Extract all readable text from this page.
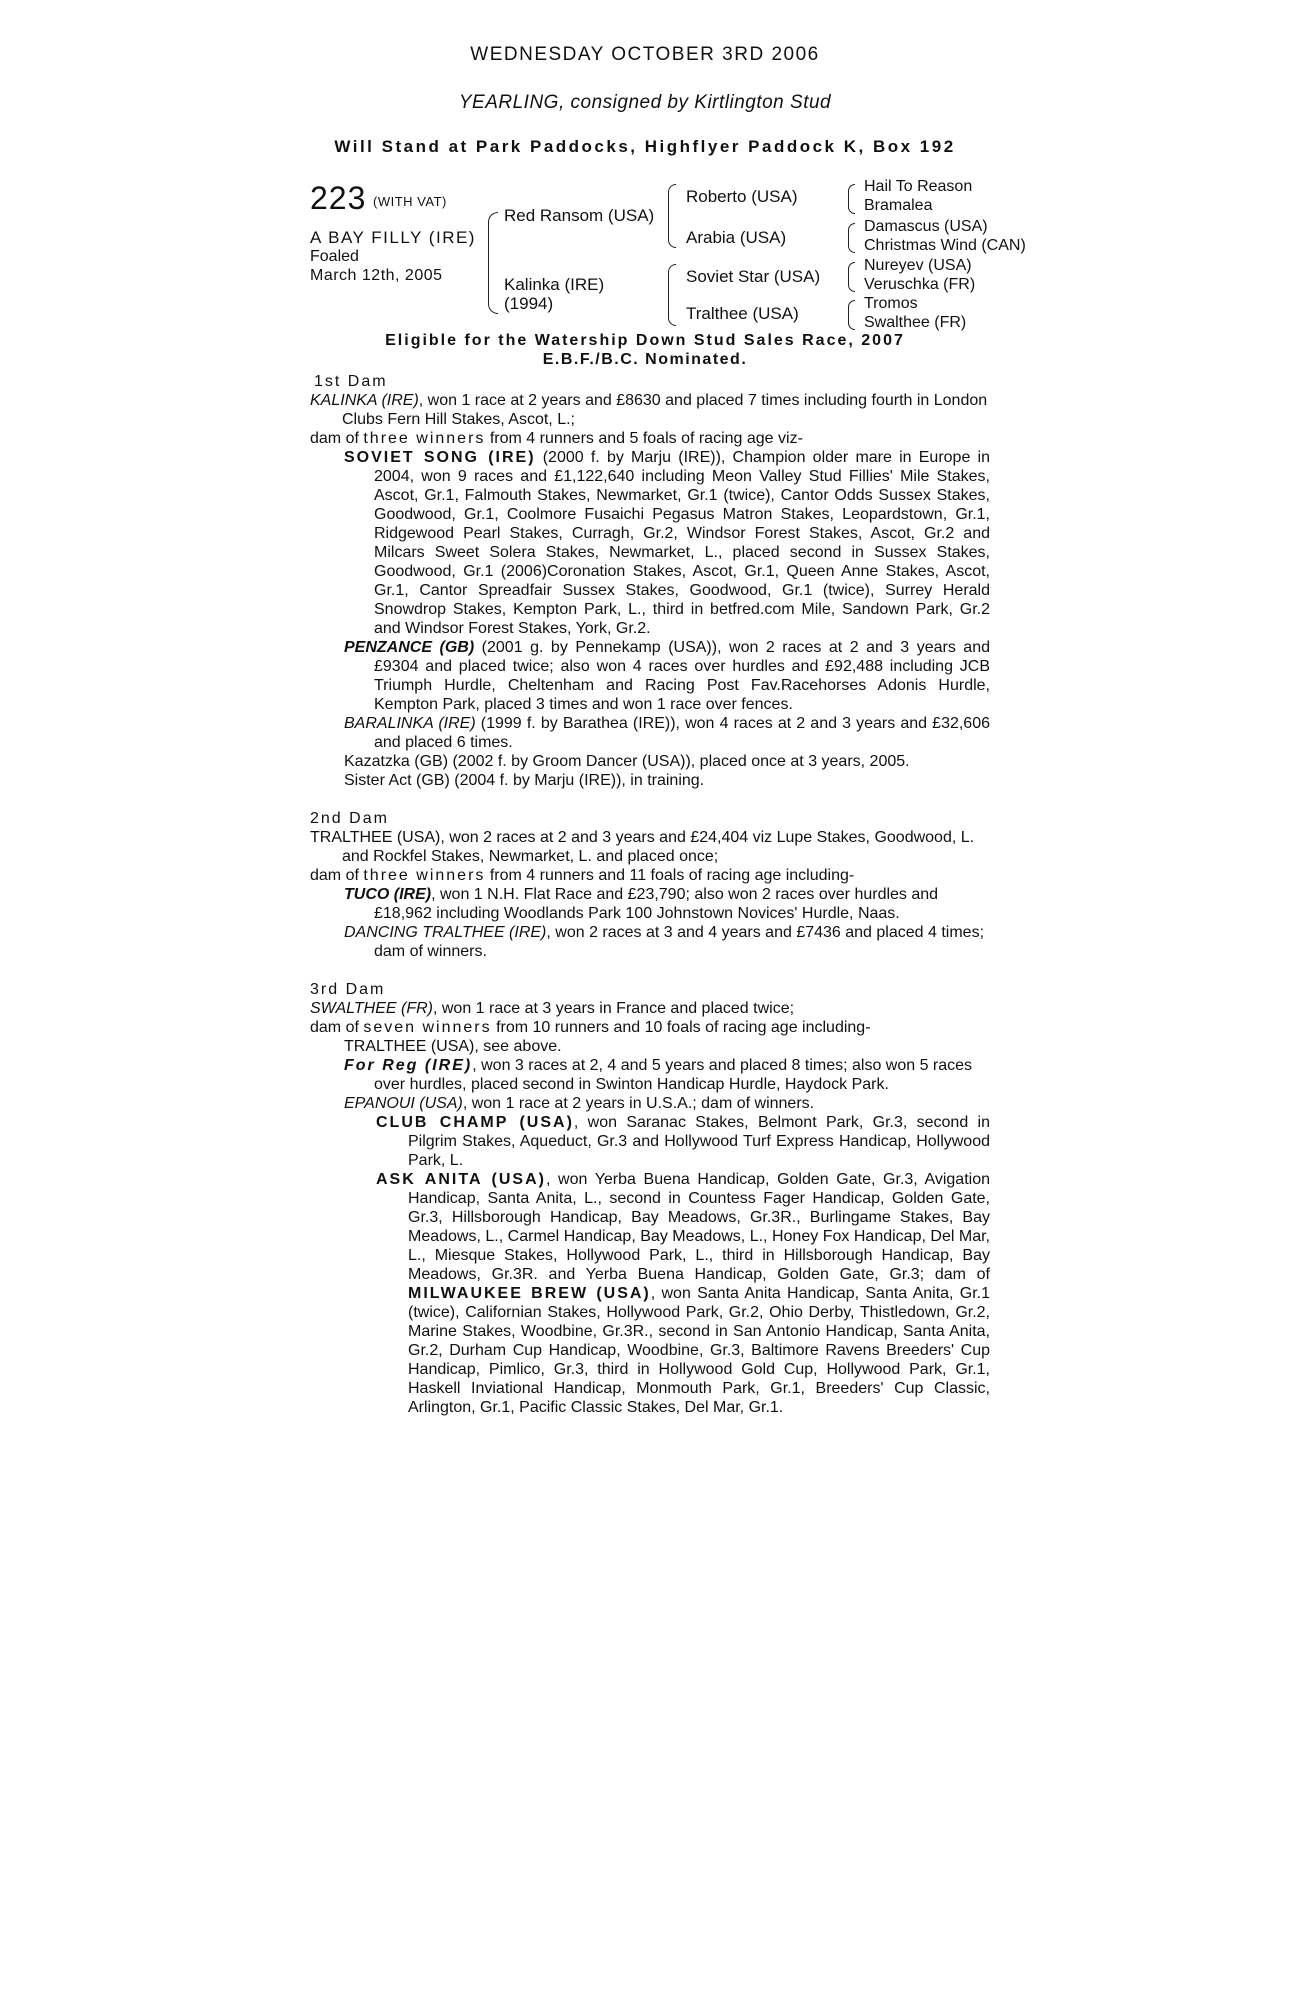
WEDNESDAY OCTOBER 3RD 2006
YEARLING, consigned by Kirtlington Stud
Will Stand at Park Paddocks, Highflyer Paddock K, Box 192
223 (WITH VAT)
A BAY FILLY (IRE)
Foaled
March 12th, 2005
Red Ransom (USA)
Kalinka (IRE)
(1994)
Roberto (USA)
Arabia (USA)
Soviet Star (USA)
Tralthee (USA)
Hail To Reason
Bramalea
Damascus (USA)
Christmas Wind (CAN)
Nureyev (USA)
Veruschka (FR)
Tromos
Swalthee (FR)
Eligible for the Watership Down Stud Sales Race, 2007
E.B.F./B.C. Nominated.
1st Dam

KALINKA (IRE), won 1 race at 2 years and £8630 and placed 7 times including fourth in London Clubs Fern Hill Stakes, Ascot, L.;

dam of three winners from 4 runners and 5 foals of racing age viz-

SOVIET SONG (IRE) (2000 f. by Marju (IRE)), Champion older mare in Europe in 2004, won 9 races and £1,122,640 including Meon Valley Stud Fillies' Mile Stakes, Ascot, Gr.1, Falmouth Stakes, Newmarket, Gr.1 (twice), Cantor Odds Sussex Stakes, Goodwood, Gr.1, Coolmore Fusaichi Pegasus Matron Stakes, Leopardstown, Gr.1, Ridgewood Pearl Stakes, Curragh, Gr.2, Windsor Forest Stakes, Ascot, Gr.2 and Milcars Sweet Solera Stakes, Newmarket, L., placed second in Sussex Stakes, Goodwood, Gr.1 (2006)Coronation Stakes, Ascot, Gr.1, Queen Anne Stakes, Ascot, Gr.1, Cantor Spreadfair Sussex Stakes, Goodwood, Gr.1 (twice), Surrey Herald Snowdrop Stakes, Kempton Park, L., third in betfred.com Mile, Sandown Park, Gr.2 and Windsor Forest Stakes, York, Gr.2.

PENZANCE (GB) (2001 g. by Pennekamp (USA)), won 2 races at 2 and 3 years and £9304 and placed twice; also won 4 races over hurdles and £92,488 including JCB Triumph Hurdle, Cheltenham and Racing Post Fav.Racehorses Adonis Hurdle, Kempton Park, placed 3 times and won 1 race over fences.

BARALINKA (IRE) (1999 f. by Barathea (IRE)), won 4 races at 2 and 3 years and £32,606 and placed 6 times.

Kazatzka (GB) (2002 f. by Groom Dancer (USA)), placed once at 3 years, 2005.

Sister Act (GB) (2004 f. by Marju (IRE)), in training.

2nd Dam

TRALTHEE (USA), won 2 races at 2 and 3 years and £24,404 viz Lupe Stakes, Goodwood, L. and Rockfel Stakes, Newmarket, L. and placed once;

dam of three winners from 4 runners and 11 foals of racing age including-

TUCO (IRE), won 1 N.H. Flat Race and £23,790; also won 2 races over hurdles and £18,962 including Woodlands Park 100 Johnstown Novices' Hurdle, Naas.

DANCING TRALTHEE (IRE), won 2 races at 3 and 4 years and £7436 and placed 4 times; dam of winners.

3rd Dam

SWALTHEE (FR), won 1 race at 3 years in France and placed twice;

dam of seven winners from 10 runners and 10 foals of racing age including-

TRALTHEE (USA), see above.

For Reg (IRE), won 3 races at 2, 4 and 5 years and placed 8 times; also won 5 races over hurdles, placed second in Swinton Handicap Hurdle, Haydock Park.

EPANOUI (USA), won 1 race at 2 years in U.S.A.; dam of winners.

CLUB CHAMP (USA), won Saranac Stakes, Belmont Park, Gr.3, second in Pilgrim Stakes, Aqueduct, Gr.3 and Hollywood Turf Express Handicap, Hollywood Park, L.

ASK ANITA (USA), won Yerba Buena Handicap, Golden Gate, Gr.3, Avigation Handicap, Santa Anita, L., second in Countess Fager Handicap, Golden Gate, Gr.3, Hillsborough Handicap, Bay Meadows, Gr.3R., Burlingame Stakes, Bay Meadows, L., Carmel Handicap, Bay Meadows, L., Honey Fox Handicap, Del Mar, L., Miesque Stakes, Hollywood Park, L., third in Hillsborough Handicap, Bay Meadows, Gr.3R. and Yerba Buena Handicap, Golden Gate, Gr.3; dam of MILWAUKEE BREW (USA), won Santa Anita Handicap, Santa Anita, Gr.1 (twice), Californian Stakes, Hollywood Park, Gr.2, Ohio Derby, Thistledown, Gr.2, Marine Stakes, Woodbine, Gr.3R., second in San Antonio Handicap, Santa Anita, Gr.2, Durham Cup Handicap, Woodbine, Gr.3, Baltimore Ravens Breeders' Cup Handicap, Pimlico, Gr.3, third in Hollywood Gold Cup, Hollywood Park, Gr.1, Haskell Inviational Handicap, Monmouth Park, Gr.1, Breeders' Cup Classic, Arlington, Gr.1, Pacific Classic Stakes, Del Mar, Gr.1.
